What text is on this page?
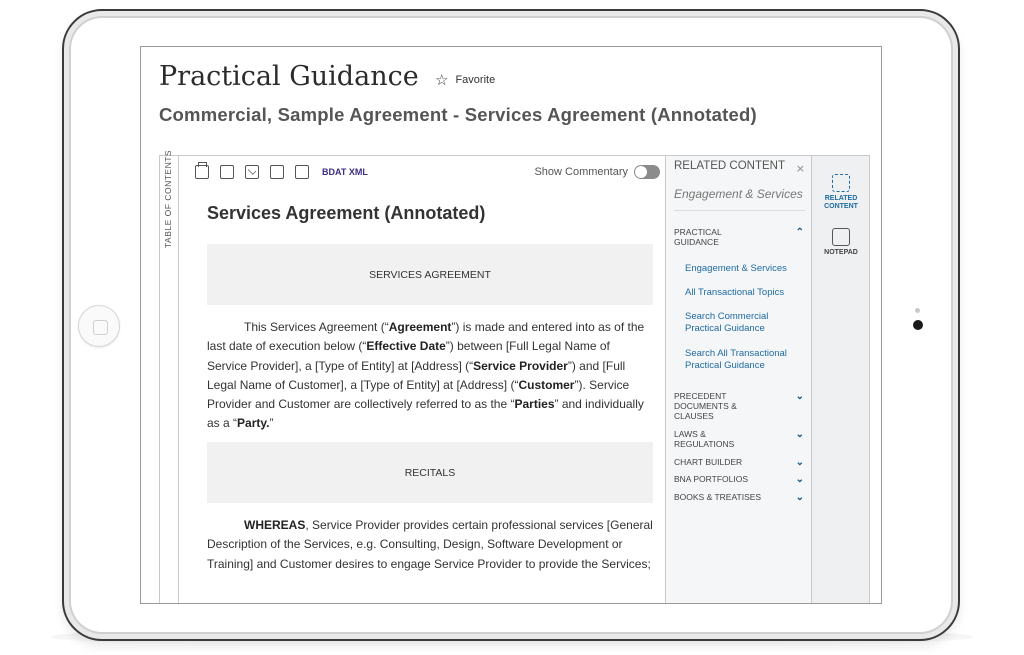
Practical Guidance ☆ Favorite
Commercial, Sample Agreement - Services Agreement (Annotated)
TABLE OF CONTENTS	BDAT XML	Show Commentary
Services Agreement (Annotated)
SERVICES AGREEMENT
This Services Agreement (“Agreement”) is made and entered into as of the last date of execution below (“Effective Date”) between [Full Legal Name of Service Provider], a [Type of Entity] at [Address] (“Service Provider”) and [Full Legal Name of Customer], a [Type of Entity] at [Address] (“Customer”). Service Provider and Customer are collectively referred to as the “Parties” and individually as a “Party.”
RECITALS
WHEREAS, Service Provider provides certain professional services [General Description of the Services, e.g. Consulting, Design, Software Development or Training] and Customer desires to engage Service Provider to provide the Services;
RELATED CONTENT ×
Engagement & Services
PRACTICAL GUIDANCE
⌃
Engagement & Services
All Transactional Topics
Search Commercial Practical Guidance
Search All Transactional Practical Guidance
PRECEDENT DOCUMENTS & CLAUSES
⌄
LAWS & REGULATIONS
⌄
CHART BUILDER	⌄
BNA PORTFOLIOS	⌄
BOOKS & TREATISES	⌄
RELATED CONTENT
NOTEPAD
